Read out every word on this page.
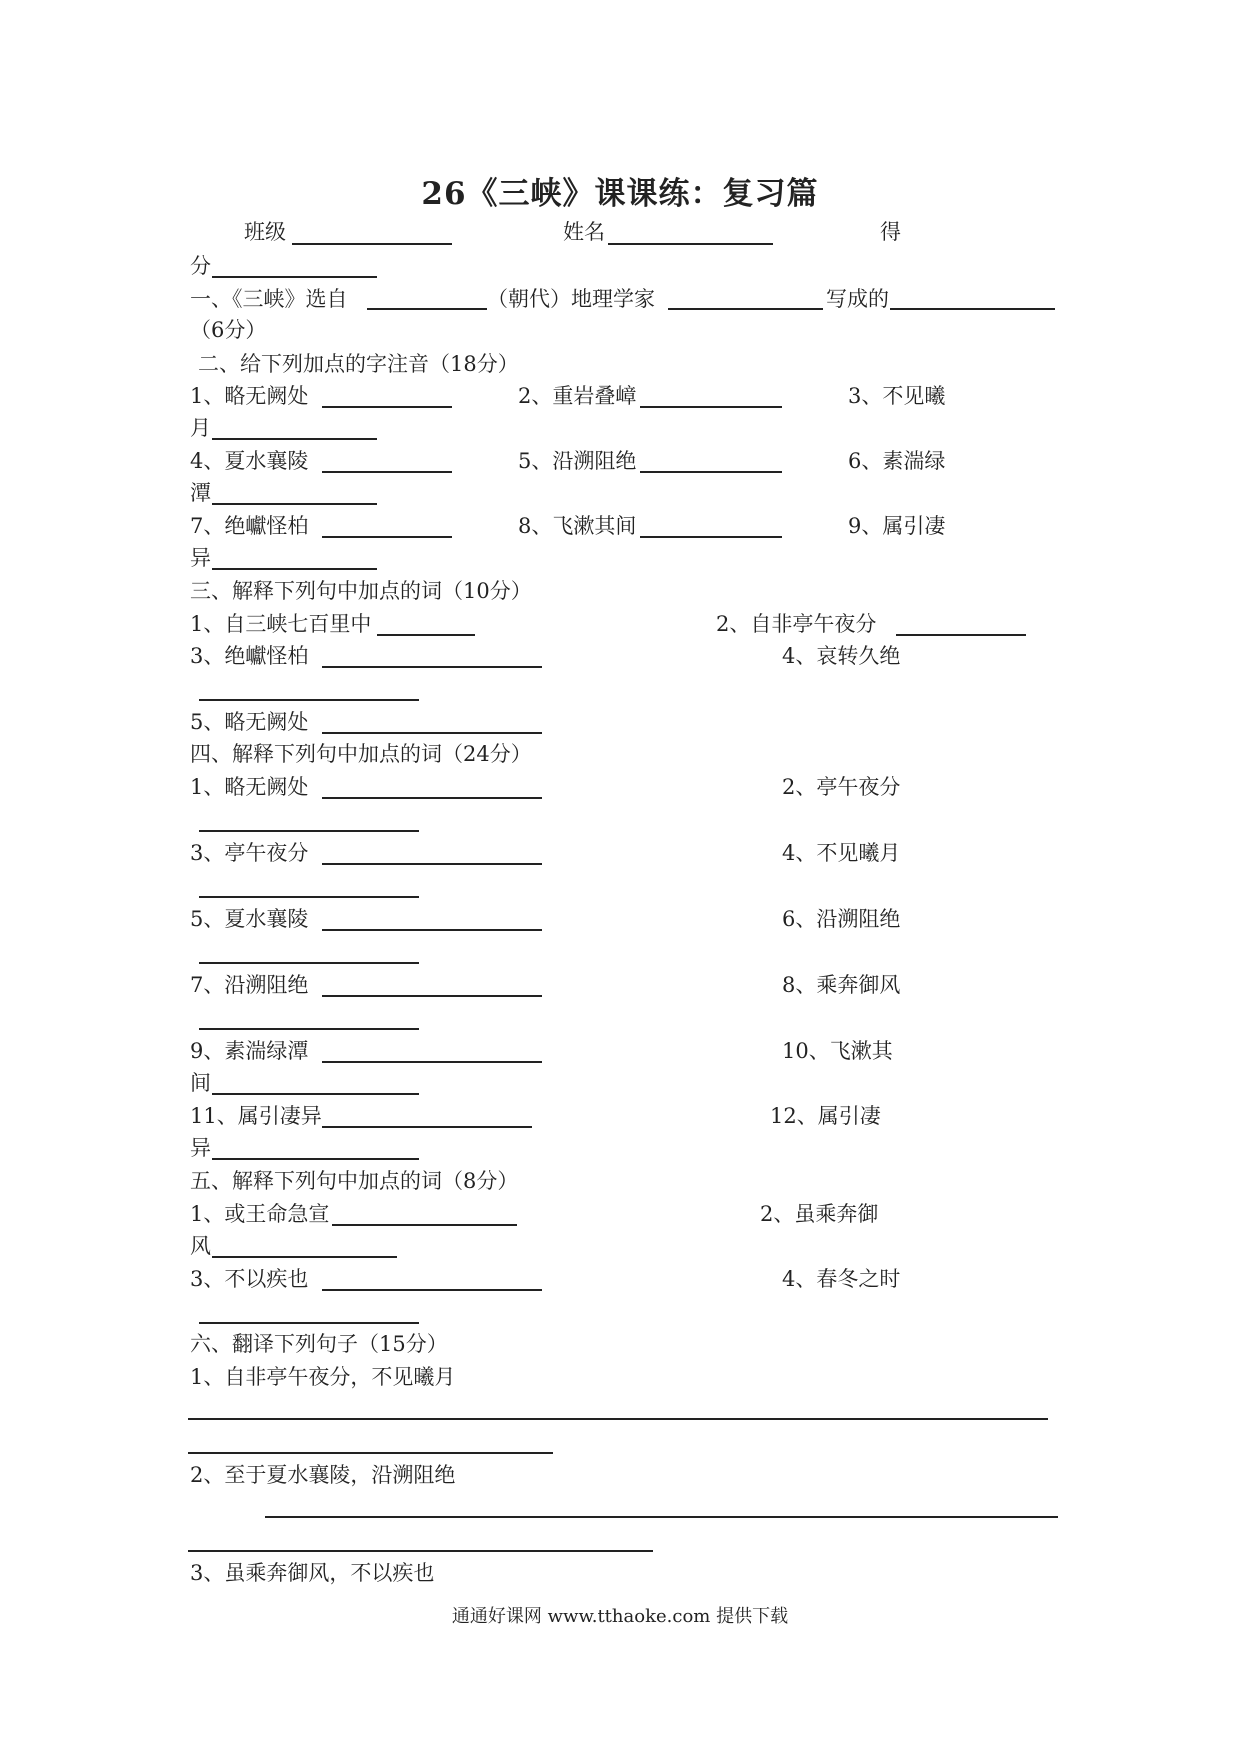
26《三峡》课课练：复习篇
班级	姓名	得
分
一、《三峡》选自	（朝代）地理学家	写成的
（6分）
二、给下列加点的字注音（18分）
1、略无阙处	2、重岩叠嶂	3、不见曦
月
4、夏水襄陵	5、沿溯阻绝	6、素湍绿
潭
7、绝巘怪柏	8、飞漱其间	9、属引凄
异
三、解释下列句中加点的词（10分）
1、自三峡七百里中	2、自非亭午夜分
3、绝巘怪柏	4、哀转久绝
5、略无阙处
四、解释下列句中加点的词（24分）
1、略无阙处	2、亭午夜分
3、亭午夜分	4、不见曦月
5、夏水襄陵	6、沿溯阻绝
7、沿溯阻绝	8、乘奔御风
9、素湍绿潭	10、飞漱其
间
11、属引凄异	12、属引凄
异
五、解释下列句中加点的词（8分）
1、或王命急宣	2、虽乘奔御
风
3、不以疾也	4、春冬之时
六、翻译下列句子（15分）
1、自非亭午夜分，不见曦月
2、至于夏水襄陵，沿溯阻绝
3、虽乘奔御风，不以疾也
通通好课网 www.tthaoke.com 提供下载
